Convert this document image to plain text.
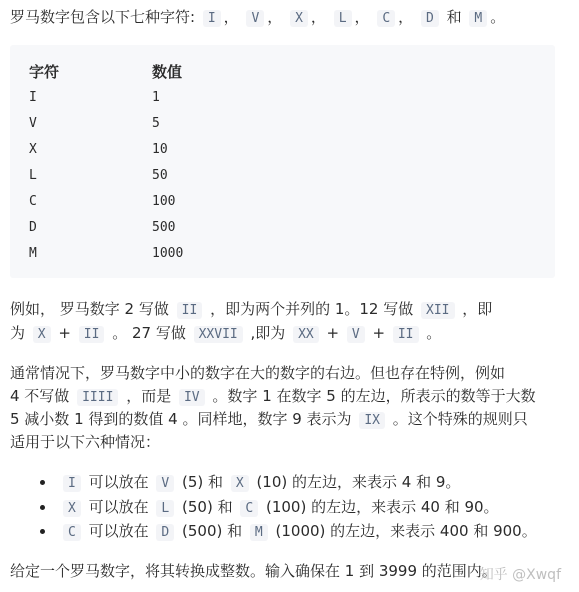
罗马数字包含以下七种字符: I ， V ， X ， L ， C ， D 和 M 。
字符	数值
I	1
V	5
X	10
L	50
C	100
D	500
M	1000
例如， 罗马数字 2 写做 II ，即为两个并列的 1。12 写做 XII ，即
为 X + II 。 27 写做 XXVII ,即为 XX + V + II 。
通常情况下，罗马数字中小的数字在大的数字的右边。但也存在特例，例如
4 不写做 IIII ，而是 IV 。数字 1 在数字 5 的左边，所表示的数等于大数
5 减小数 1 得到的数值 4 。同样地，数字 9 表示为 IX 。这个特殊的规则只
适用于以下六种情况：
I 可以放在 V (5) 和 X (10) 的左边，来表示 4 和 9。
X 可以放在 L (50) 和 C (100) 的左边，来表示 40 和 90。
C 可以放在 D (500) 和 M (1000) 的左边，来表示 400 和 900。
给定一个罗马数字，将其转换成整数。输入确保在 1 到 3999 的范围内。
知乎 @Xwqf
